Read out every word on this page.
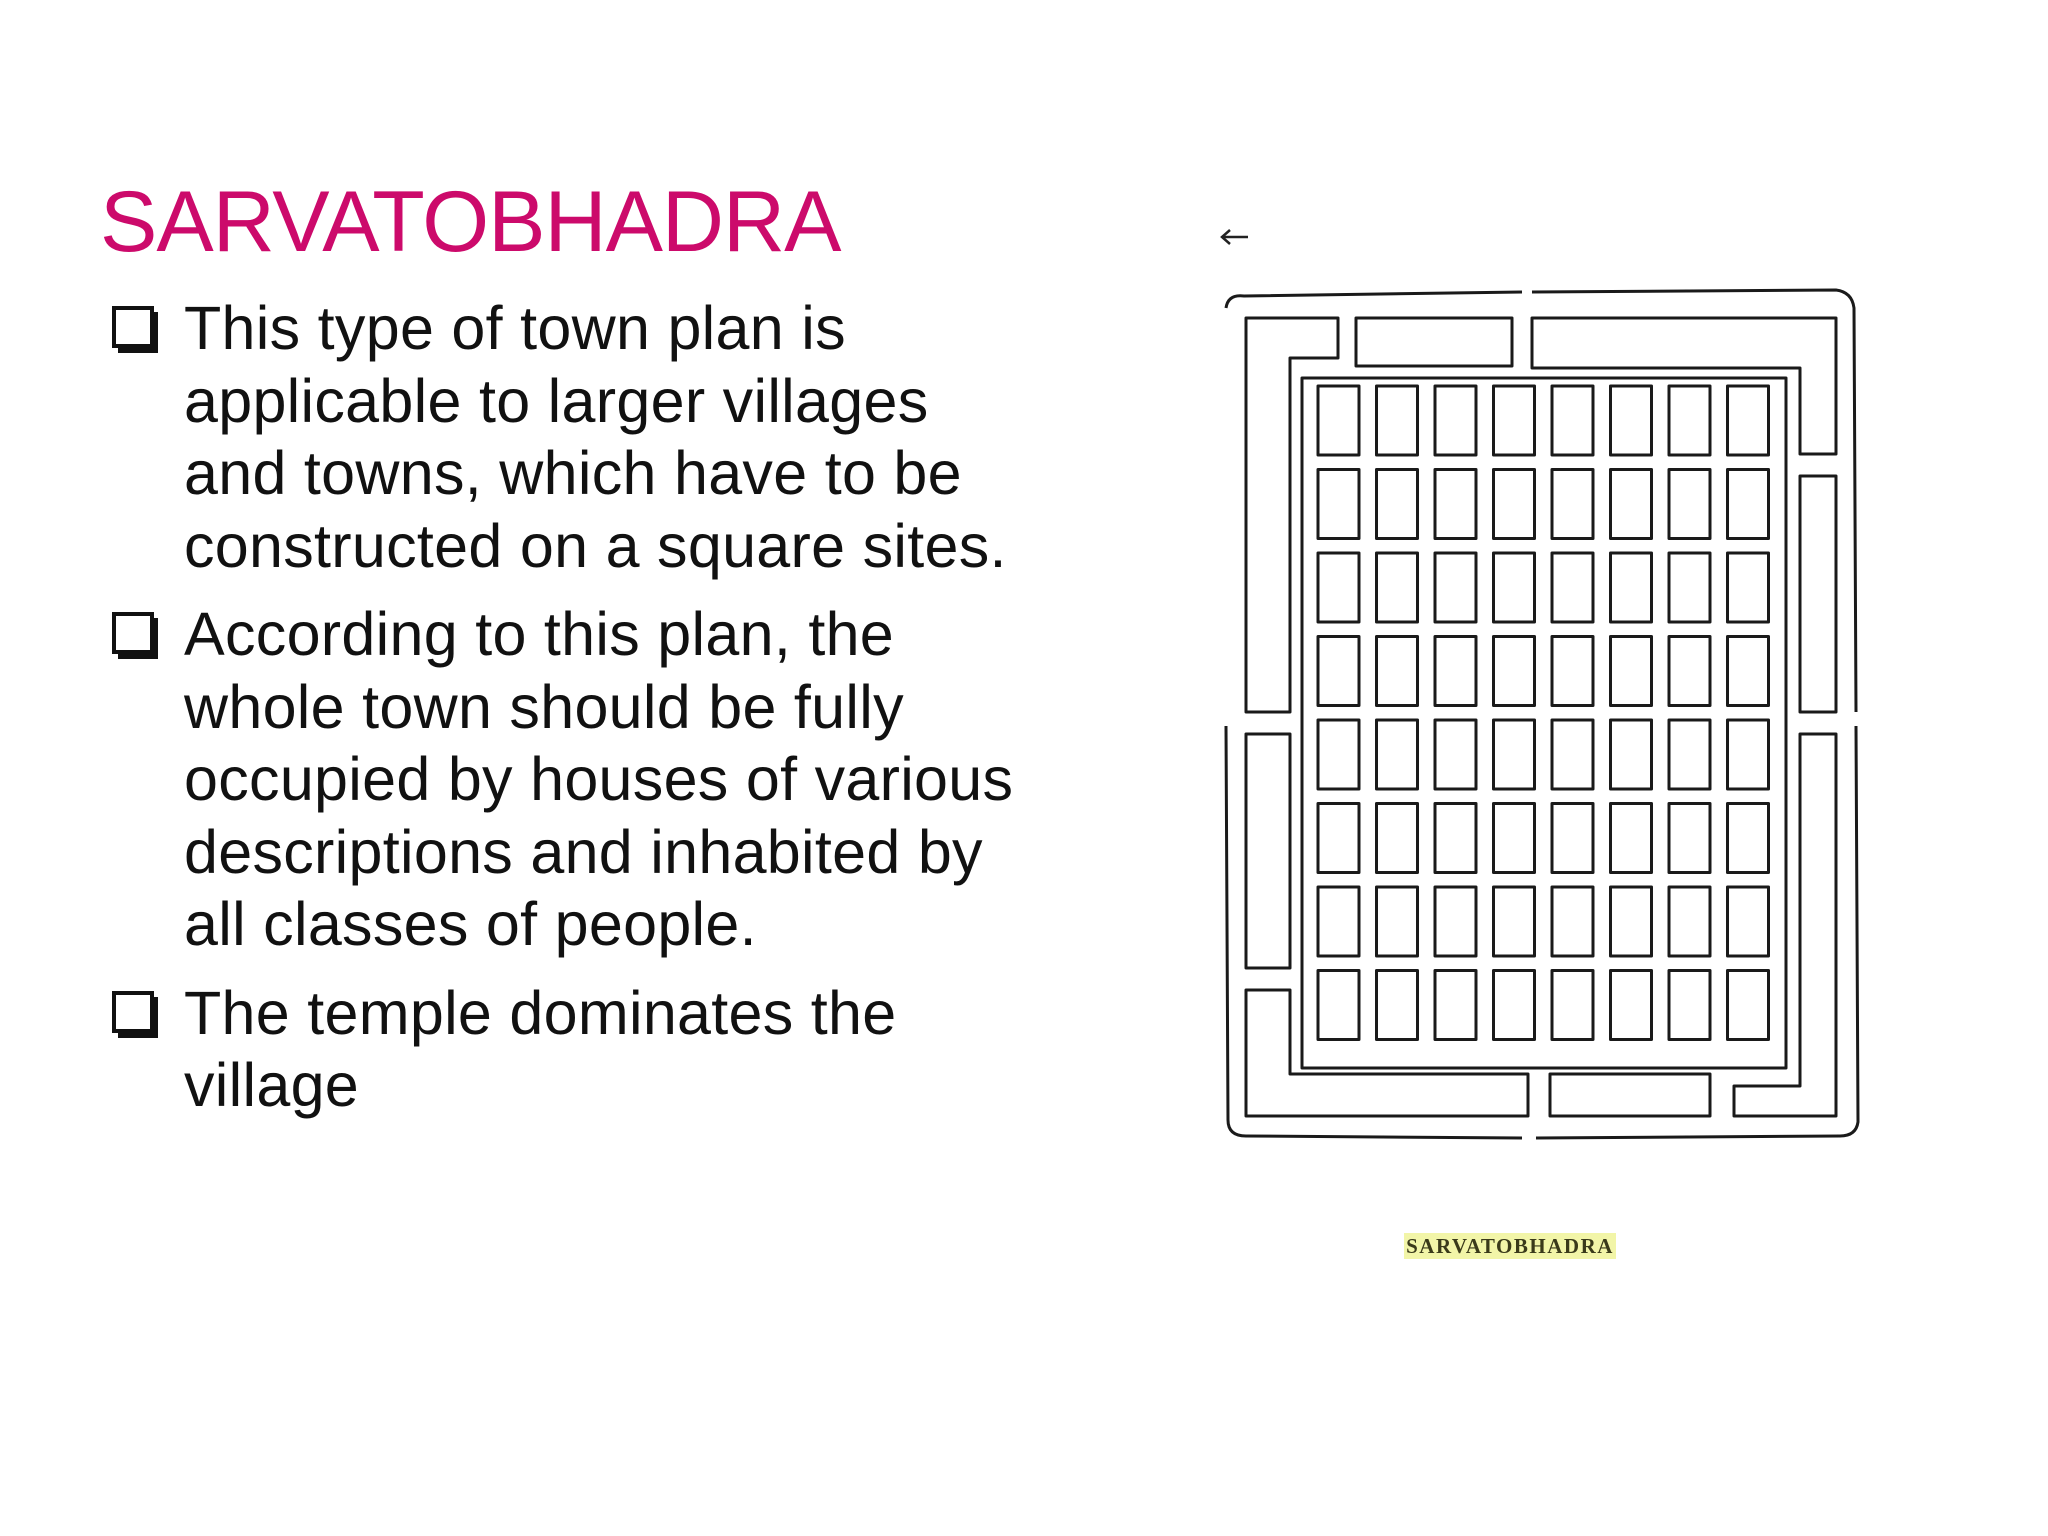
SARVATOBHADRA
This type of town plan is
applicable to larger villages
and towns, which have to be
constructed on a square sites.
According to this plan, the
whole town should be fully
occupied by houses of various
descriptions and inhabited by
all classes of people.
The temple dominates the
village
SARVATOBHADRA
